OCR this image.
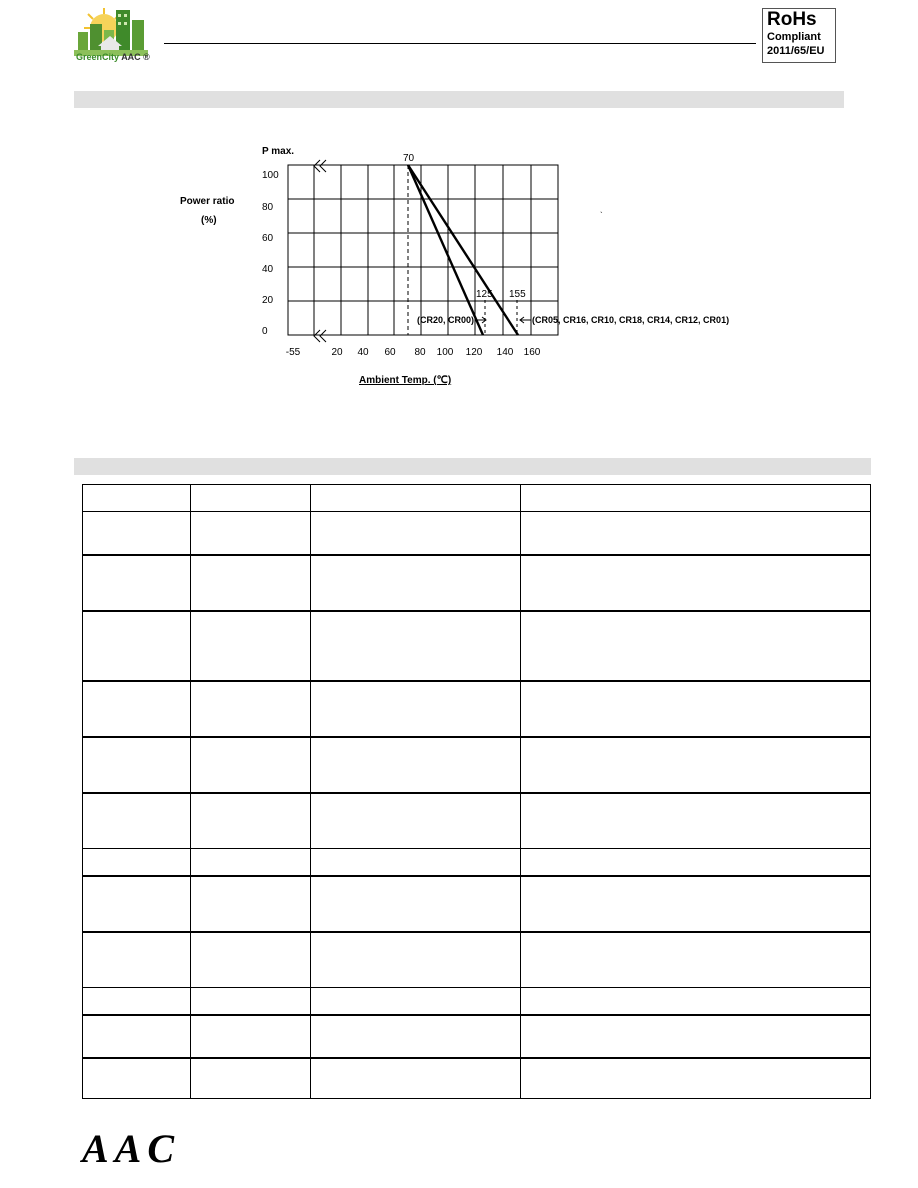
GreenCity AAC ®
RoHs
Compliant
2011/65/EU
P max.
Power ratio
(%)
Ambient Temp. (℃)
-55	20 40 60 80 100 120 140 160
0
20
40
60
80
100
70
125 155
(CR20, CR00)	(CR05, CR16, CR10, CR18, CR14, CR12, CR01)
`

AAC
